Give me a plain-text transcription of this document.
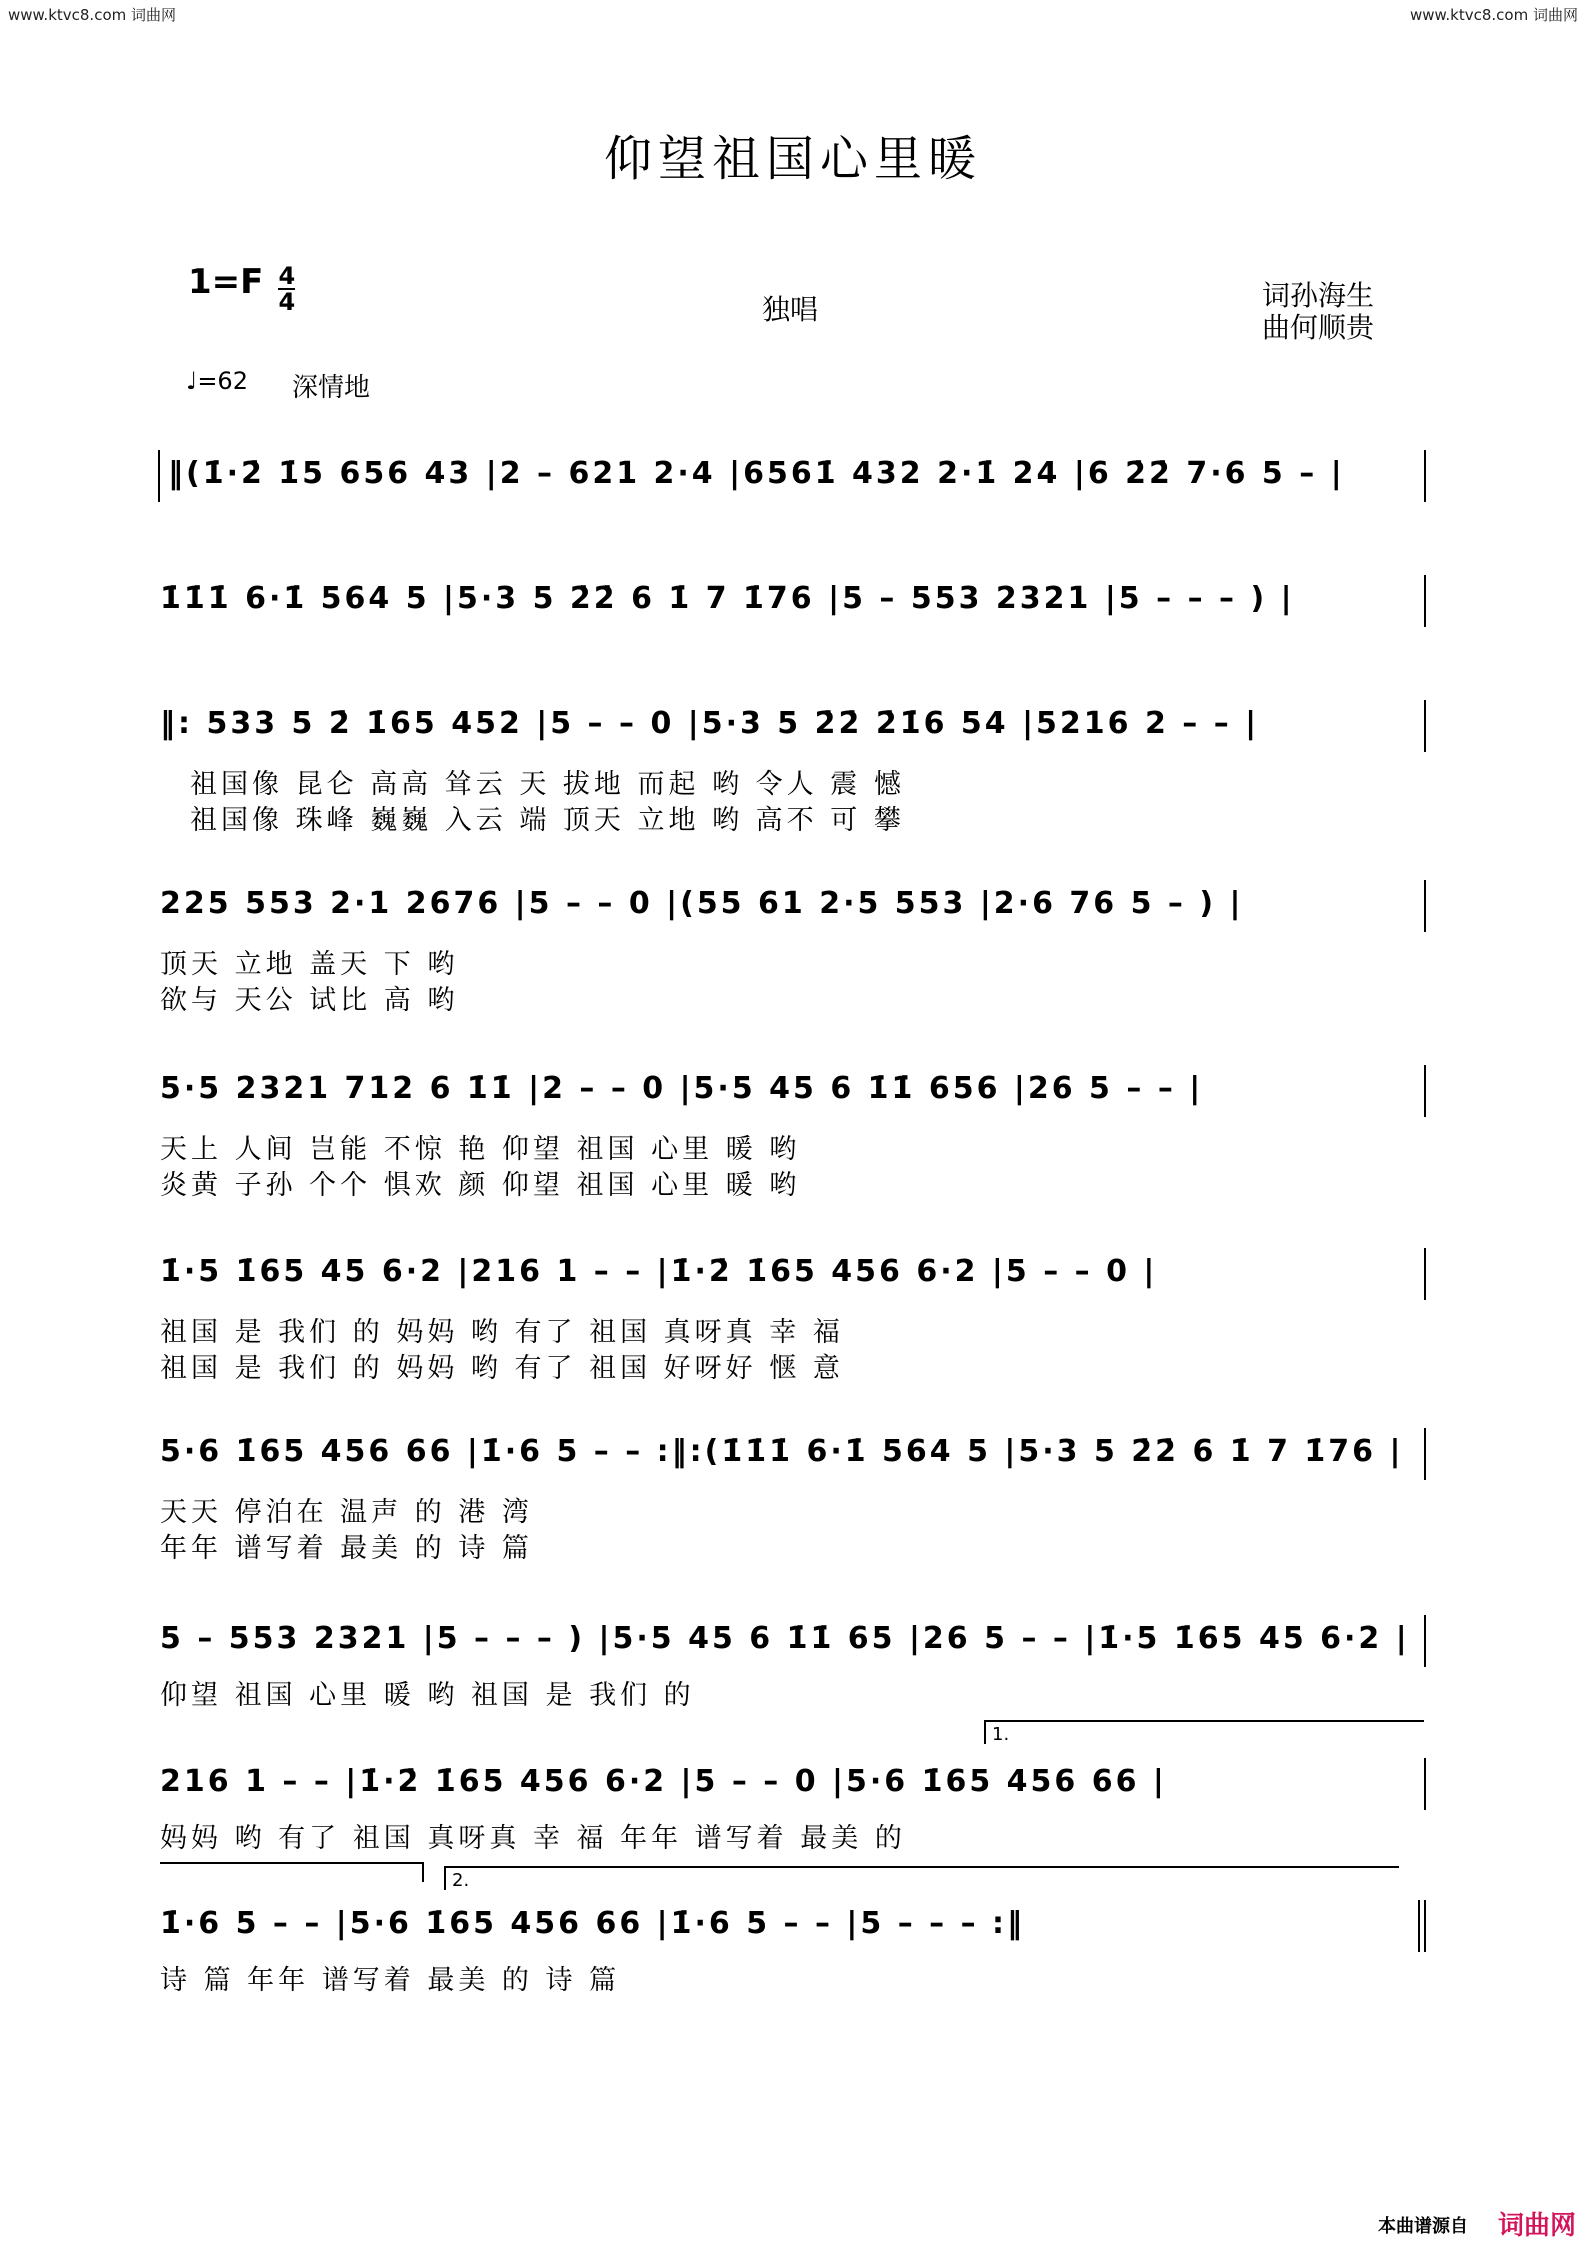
www.ktvc8.com 词曲网	www.ktvc8.com 词曲网
仰望祖国心里暖
$1=F \frac{4}{4}$	独唱	词孙海生
曲何顺贵
♩=62 深情地
‖(1̇·2̇ 1̇5 656 43 |2 – 621 2·4 |6561̇ 432 2·1̇ 24 |6 2̇2̇ 7·6 5 – |
1̇1̇1̇ 6·1̇ 564 5 |5·3 5 2̇2̇ 6 1̇ 7 1̇76 |5 – 553 2321 |5 – – – ) |
‖: 533 5 2̇ 1̇65 452 |5 – – 0 |5·3 5 2̇2̇ 2̇1̇6 54 |5216 2 – – |
祖国像 昆仑 高高 耸云 天 拔地 而起 哟 令人 震 憾
祖国像 珠峰 巍巍 入云 端 顶天 立地 哟 高不 可 攀
225 553 2·1 2676 |5 – – 0 |(55 61 2·5 553 |2·6 76 5 – ) |
顶天 立地 盖天 下 哟
欲与 天公 试比 高 哟
5·5 2321 712 6 1̇1̇ |2 – – 0 |5·5 45 6 1̇1̇ 656 |26 5 – – |
天上 人间 岂能 不惊 艳 仰望 祖国 心里 暖 哟
炎黄 子孙 个个 惧欢 颜 仰望 祖国 心里 暖 哟
1̇·5 1̇65 45 6·2 |216 1 – – |1̇·2̇ 1̇65 456 6·2 |5 – – 0 |
祖国 是 我们 的 妈妈 哟 有了 祖国 真呀真 幸 福
祖国 是 我们 的 妈妈 哟 有了 祖国 好呀好 惬 意
5·6 1̇65 456 66 |1̇·6 5 – – :‖:(1̇1̇1̇ 6·1̇ 564 5 |5·3 5 2̇2̇ 6 1̇ 7 1̇76 |
天天 停泊在 温声 的 港 湾
年年 谱写着 最美 的 诗 篇
5 – 553 2321 |5 – – – ) |5·5 45 6 1̇1̇ 65 |26 5 – – |1̇·5 1̇65 45 6·2 |
仰望 祖国 心里 暖 哟 祖国 是 我们 的
1.
216 1 – – |1̇·2̇ 1̇65 456 6·2 |5 – – 0 |5·6 1̇65 456 66 |
妈妈 哟 有了 祖国 真呀真 幸 福 年年 谱写着 最美 的
2.
1̇·6 5 – – |5·6 1̇65 456 66 |1̇·6 5 – – |5 – – – :‖
诗 篇 年年 谱写着 最美 的 诗 篇
本曲谱源自 词曲网
